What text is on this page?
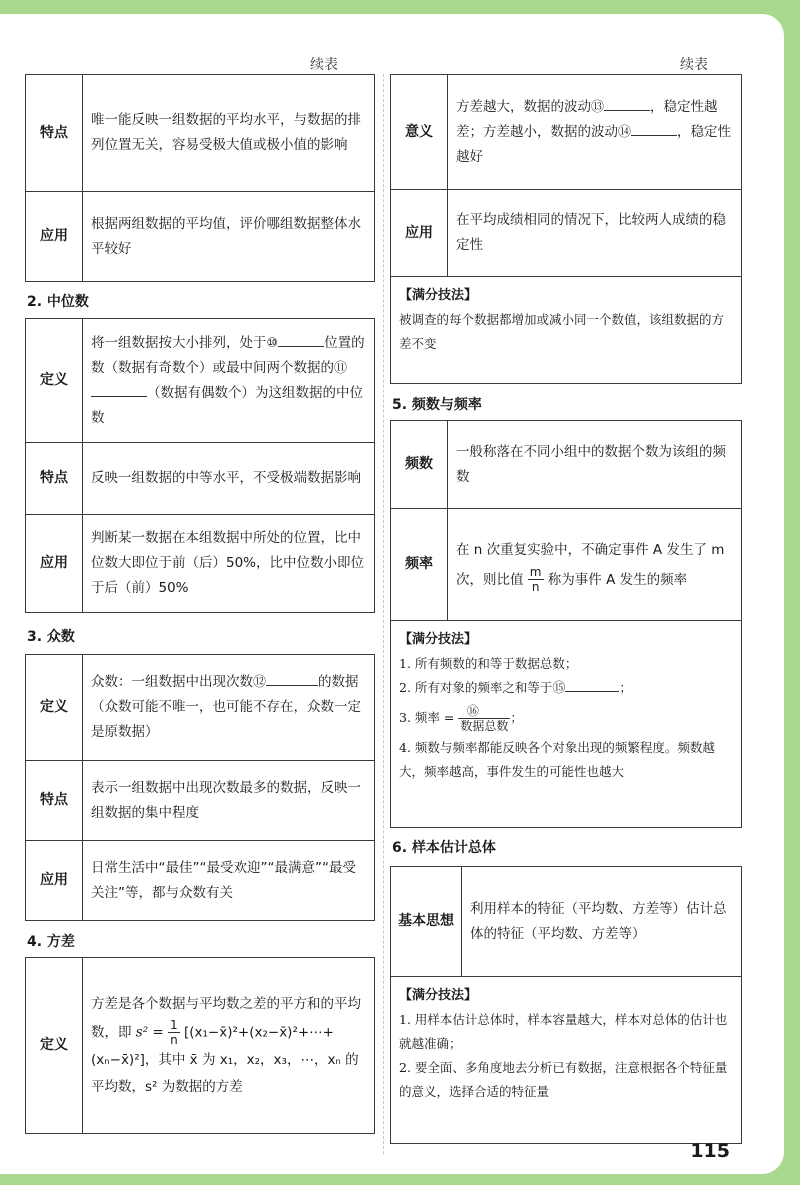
续表	续表
特点	唯一能反映一组数据的平均水平，与数据的排列位置无关，容易受极大值或极小值的影响
应用	根据两组数据的平均值，评价哪组数据整体水平较好
2. 中位数
定义	将一组数据按大小排列，处于⑩ 位置的数（数据有奇数个）或最中间两个数据的⑪（数据有偶数个）为这组数据的中位数
特点	反映一组数据的中等水平，不受极端数据影响
应用	判断某一数据在本组数据中所处的位置，比中位数大即位于前（后）50%，比中位数小即位于后（前）50%
3. 众数
定义	众数：一组数据中出现次数⑫ 的数据（众数可能不唯一，也可能不存在，众数一定是原数据）
特点	表示一组数据中出现次数最多的数据，反映一组数据的集中程度
应用	日常生活中“最佳”“最受欢迎”“最满意”“最受关注”等，都与众数有关
4. 方差
定义	方差是各个数据与平均数之差的平方和的平均数，即 $s^2 = \frac{1}{n}$ [(x₁−x̄)²+(x₂−x̄)²+⋯+(xₙ−x̄)²]，其中 x̄ 为 x₁，x₂，x₃，⋯，xₙ 的平均数，s² 为数据的方差
意义	方差越大，数据的波动⑬ ，稳定性越差；方差越小，数据的波动⑭ ，稳定性越好
应用	在平均成绩相同的情况下，比较两人成绩的稳定性
【满分技法】
被调查的每个数据都增加或减小同一个数值，该组数据的方差不变
5. 频数与频率
频数	一般称落在不同小组中的数据个数为该组的频数
频率	在 n 次重复实验中，不确定事件 A 发生了 m 次，则比值 $\frac{m}{n}$ 称为事件 A 发生的频率
【满分技法】
1. 所有频数的和等于数据总数；
2. 所有对象的频率之和等于⑮	；
3. 频率 = $\frac{\text{⑯}}{\text{数据总数}}$ ；
4. 频数与频率都能反映各个对象出现的频繁程度。频数越大，频率越高，事件发生的可能性也越大
6. 样本估计总体
基本思想	利用样本的特征（平均数、方差等）估计总体的特征（平均数、方差等）
【满分技法】
1. 用样本估计总体时，样本容量越大，样本对总体的估计也就越准确；
2. 要全面、多角度地去分析已有数据，注意根据各个特征量的意义，选择合适的特征量
115
